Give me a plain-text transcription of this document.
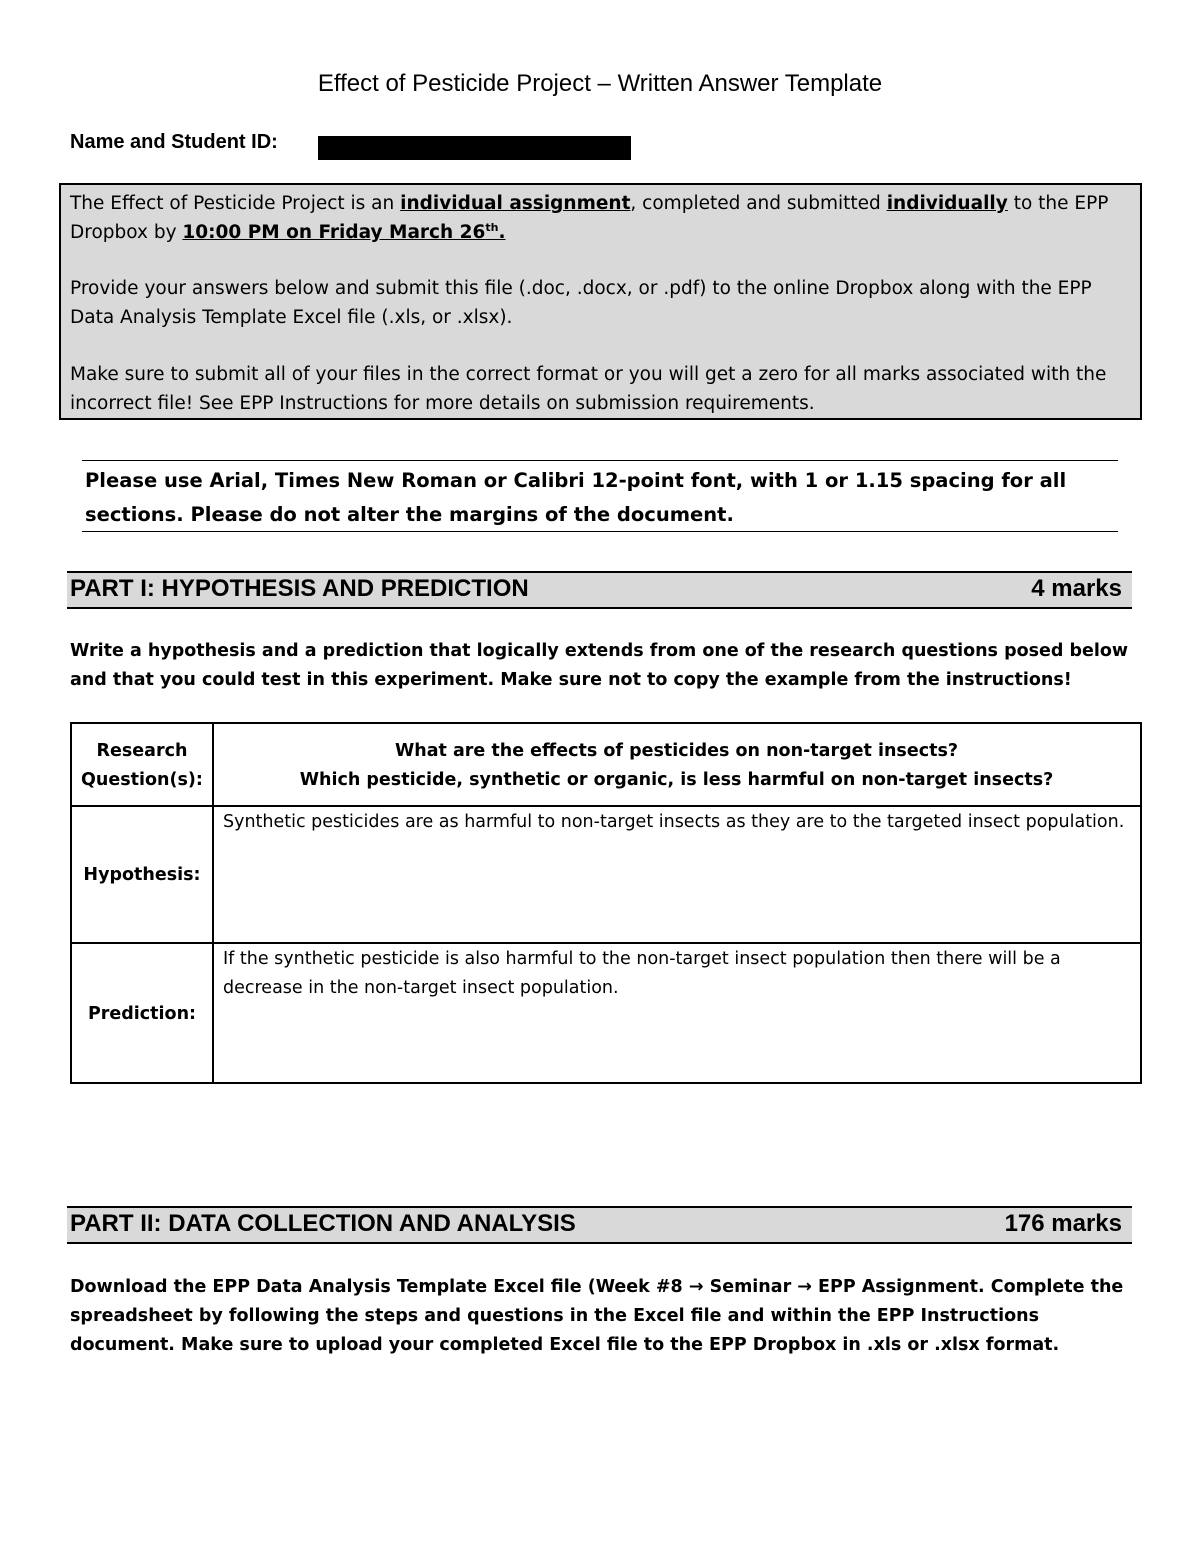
Effect of Pesticide Project – Written Answer Template
Name and Student ID:

The Effect of Pesticide Project is an individual assignment, completed and submitted individually to the EPP Dropbox by 10:00 PM on Friday March 26th.

Provide your answers below and submit this file (.doc, .docx, or .pdf) to the online Dropbox along with the EPP Data Analysis Template Excel file (.xls, or .xlsx).

Make sure to submit all of your files in the correct format or you will get a zero for all marks associated with the incorrect file! See EPP Instructions for more details on submission requirements.

Please use Arial, Times New Roman or Calibri 12-point font, with 1 or 1.15 spacing for all sections. Please do not alter the margins of the document.

PART I: HYPOTHESIS AND PREDICTION	4 marks

Write a hypothesis and a prediction that logically extends from one of the research questions posed below and that you could test in this experiment. Make sure not to copy the example from the instructions!

Research
Question(s):
What are the effects of pesticides on non-target insects?
Which pesticide, synthetic or organic, is less harmful on non-target insects?
Hypothesis:

Synthetic pesticides are as harmful to non-target insects as they are to the targeted insect population.

Prediction:

If the synthetic pesticide is also harmful to the non-target insect population then there will be a decrease in the non-target insect population.

PART II: DATA COLLECTION AND ANALYSIS	176 marks

Download the EPP Data Analysis Template Excel file (Week #8 → Seminar → EPP Assignment. Complete the spreadsheet by following the steps and questions in the Excel file and within the EPP Instructions document. Make sure to upload your completed Excel file to the EPP Dropbox in .xls or .xlsx format.
